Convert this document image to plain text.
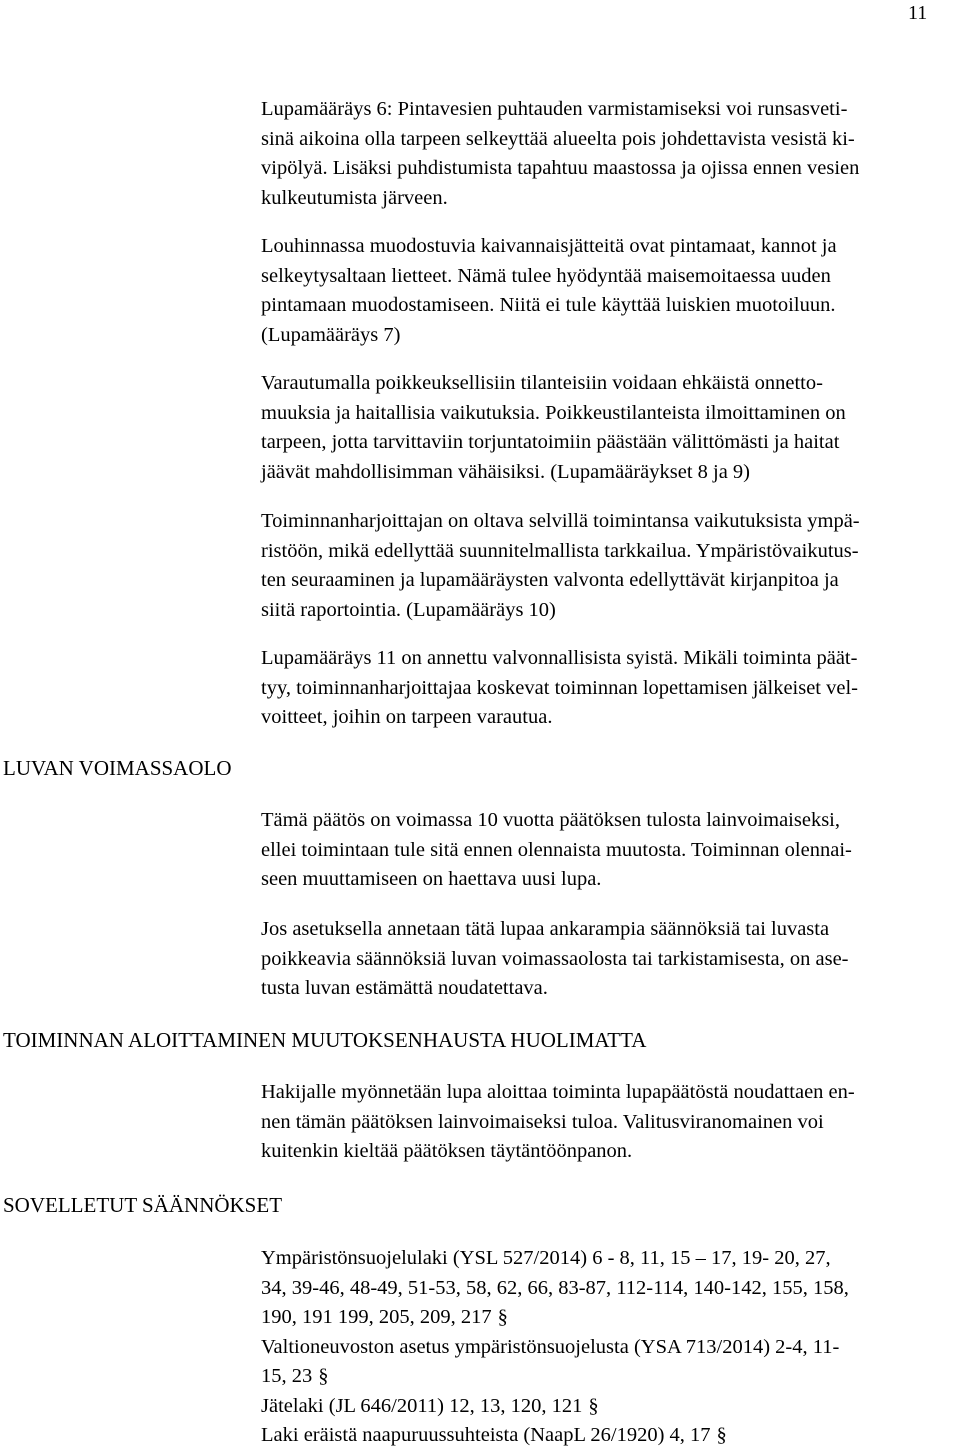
11

Lupamääräys 6: Pintavesien puhtauden varmistamiseksi voi runsasveti-
sinä aikoina olla tarpeen selkeyttää alueelta pois johdettavista vesistä ki-
vipölyä. Lisäksi puhdistumista tapahtuu maastossa ja ojissa ennen vesien
kulkeutumista järveen.

Louhinnassa muodostuvia kaivannaisjätteitä ovat pintamaat, kannot ja
selkeytysaltaan lietteet. Nämä tulee hyödyntää maisemoitaessa uuden
pintamaan muodostamiseen. Niitä ei tule käyttää luiskien muotoiluun.
(Lupamääräys 7)

Varautumalla poikkeuksellisiin tilanteisiin voidaan ehkäistä onnetto-
muuksia ja haitallisia vaikutuksia. Poikkeustilanteista ilmoittaminen on
tarpeen, jotta tarvittaviin torjuntatoimiin päästään välittömästi ja haitat
jäävät mahdollisimman vähäisiksi. (Lupamääräykset 8 ja 9)

Toiminnanharjoittajan on oltava selvillä toimintansa vaikutuksista ympä-
ristöön, mikä edellyttää suunnitelmallista tarkkailua. Ympäristövaikutus-
ten seuraaminen ja lupamääräysten valvonta edellyttävät kirjanpitoa ja
siitä raportointia. (Lupamääräys 10)

Lupamääräys 11 on annettu valvonnallisista syistä. Mikäli toiminta päät-
tyy, toiminnanharjoittajaa koskevat toiminnan lopettamisen jälkeiset vel-
voitteet, joihin on tarpeen varautua.

LUVAN VOIMASSAOLO

Tämä päätös on voimassa 10 vuotta päätöksen tulosta lainvoimaiseksi,
ellei toimintaan tule sitä ennen olennaista muutosta. Toiminnan olennai-
seen muuttamiseen on haettava uusi lupa.

Jos asetuksella annetaan tätä lupaa ankarampia säännöksiä tai luvasta
poikkeavia säännöksiä luvan voimassaolosta tai tarkistamisesta, on ase-
tusta luvan estämättä noudatettava.

TOIMINNAN ALOITTAMINEN MUUTOKSENHAUSTA HUOLIMATTA

Hakijalle myönnetään lupa aloittaa toiminta lupapäätöstä noudattaen en-
nen tämän päätöksen lainvoimaiseksi tuloa. Valitusviranomainen voi
kuitenkin kieltää päätöksen täytäntöönpanon.

SOVELLETUT SÄÄNNÖKSET

Ympäristönsuojelulaki (YSL 527/2014) 6 - 8, 11, 15 – 17, 19- 20, 27,
34, 39-46, 48-49, 51-53, 58, 62, 66, 83-87, 112-114, 140-142, 155, 158,
190, 191 199, 205, 209, 217 §
Valtioneuvoston asetus ympäristönsuojelusta (YSA 713/2014) 2-4, 11-
15, 23 §
Jätelaki (JL 646/2011) 12, 13, 120, 121 §
Laki eräistä naapuruussuhteista (NaapL 26/1920) 4, 17 §
